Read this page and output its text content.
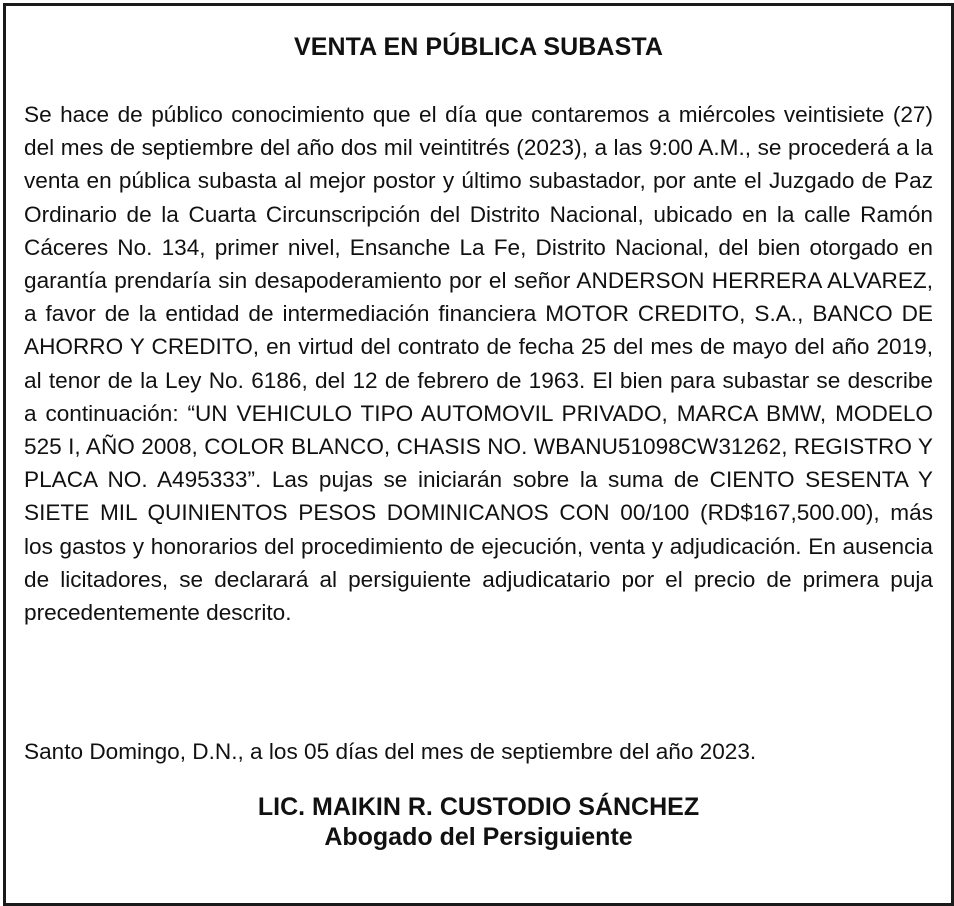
VENTA EN PÚBLICA SUBASTA

Se hace de público conocimiento que el día que contaremos a miércoles veintisiete (27) del mes de septiembre del año dos mil veintitrés (2023), a las 9:00 A.M., se procederá a la venta en pública subasta al mejor postor y último subastador, por ante el Juzgado de Paz Ordinario de la Cuarta Circunscripción del Distrito Nacional, ubicado en la calle Ramón Cáceres No. 134, primer nivel, Ensanche La Fe, Distrito Nacional, del bien otorgado en garantía prendaría sin desapoderamiento por el señor ANDERSON HERRERA ALVAREZ, a favor de la entidad de intermediación financiera MOTOR CREDITO, S.A., BANCO DE AHORRO Y CREDITO, en virtud del contrato de fecha 25 del mes de mayo del año 2019, al tenor de la Ley No. 6186, del 12 de febrero de 1963. El bien para subastar se describe a continuación: “UN VEHICULO TIPO AUTOMOVIL PRIVADO, MARCA BMW, MODELO 525 I, AÑO 2008, COLOR BLANCO, CHASIS NO. WBANU51098CW31262, REGISTRO Y PLACA NO. A495333”. Las pujas se iniciarán sobre la suma de CIENTO SESENTA Y SIETE MIL QUINIENTOS PESOS DOMINICANOS CON 00/100 (RD$167,500.00), más los gastos y honorarios del procedimiento de ejecución, venta y adjudicación. En ausencia de licitadores, se declarará al persiguiente adjudicatario por el precio de primera puja precedentemente descrito.

Santo Domingo, D.N., a los 05 días del mes de septiembre del año 2023.

LIC. MAIKIN R. CUSTODIO SÁNCHEZ
Abogado del Persiguiente
